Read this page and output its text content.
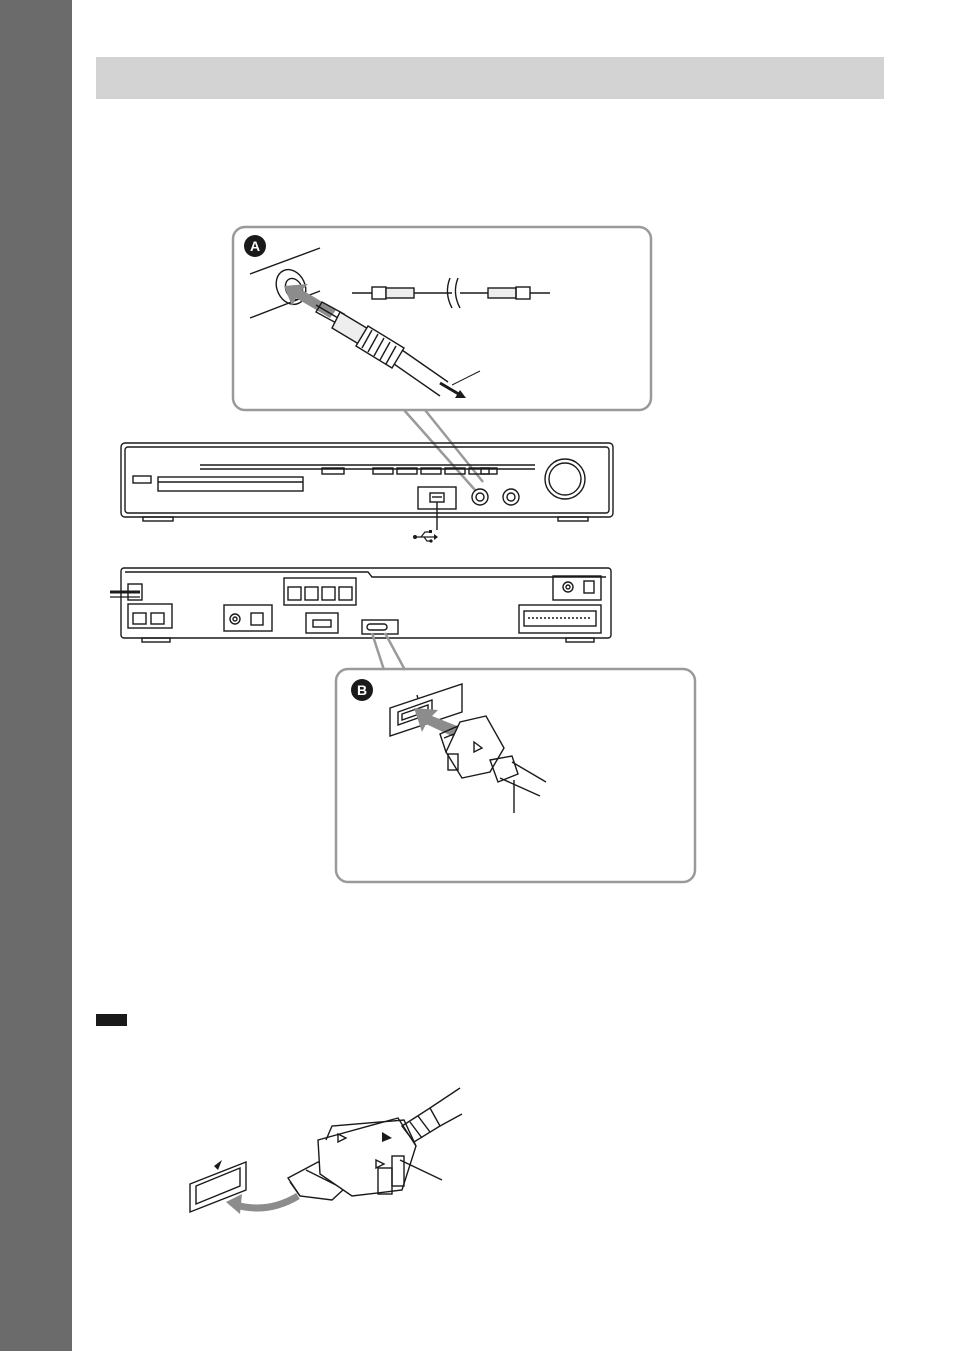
A
B
